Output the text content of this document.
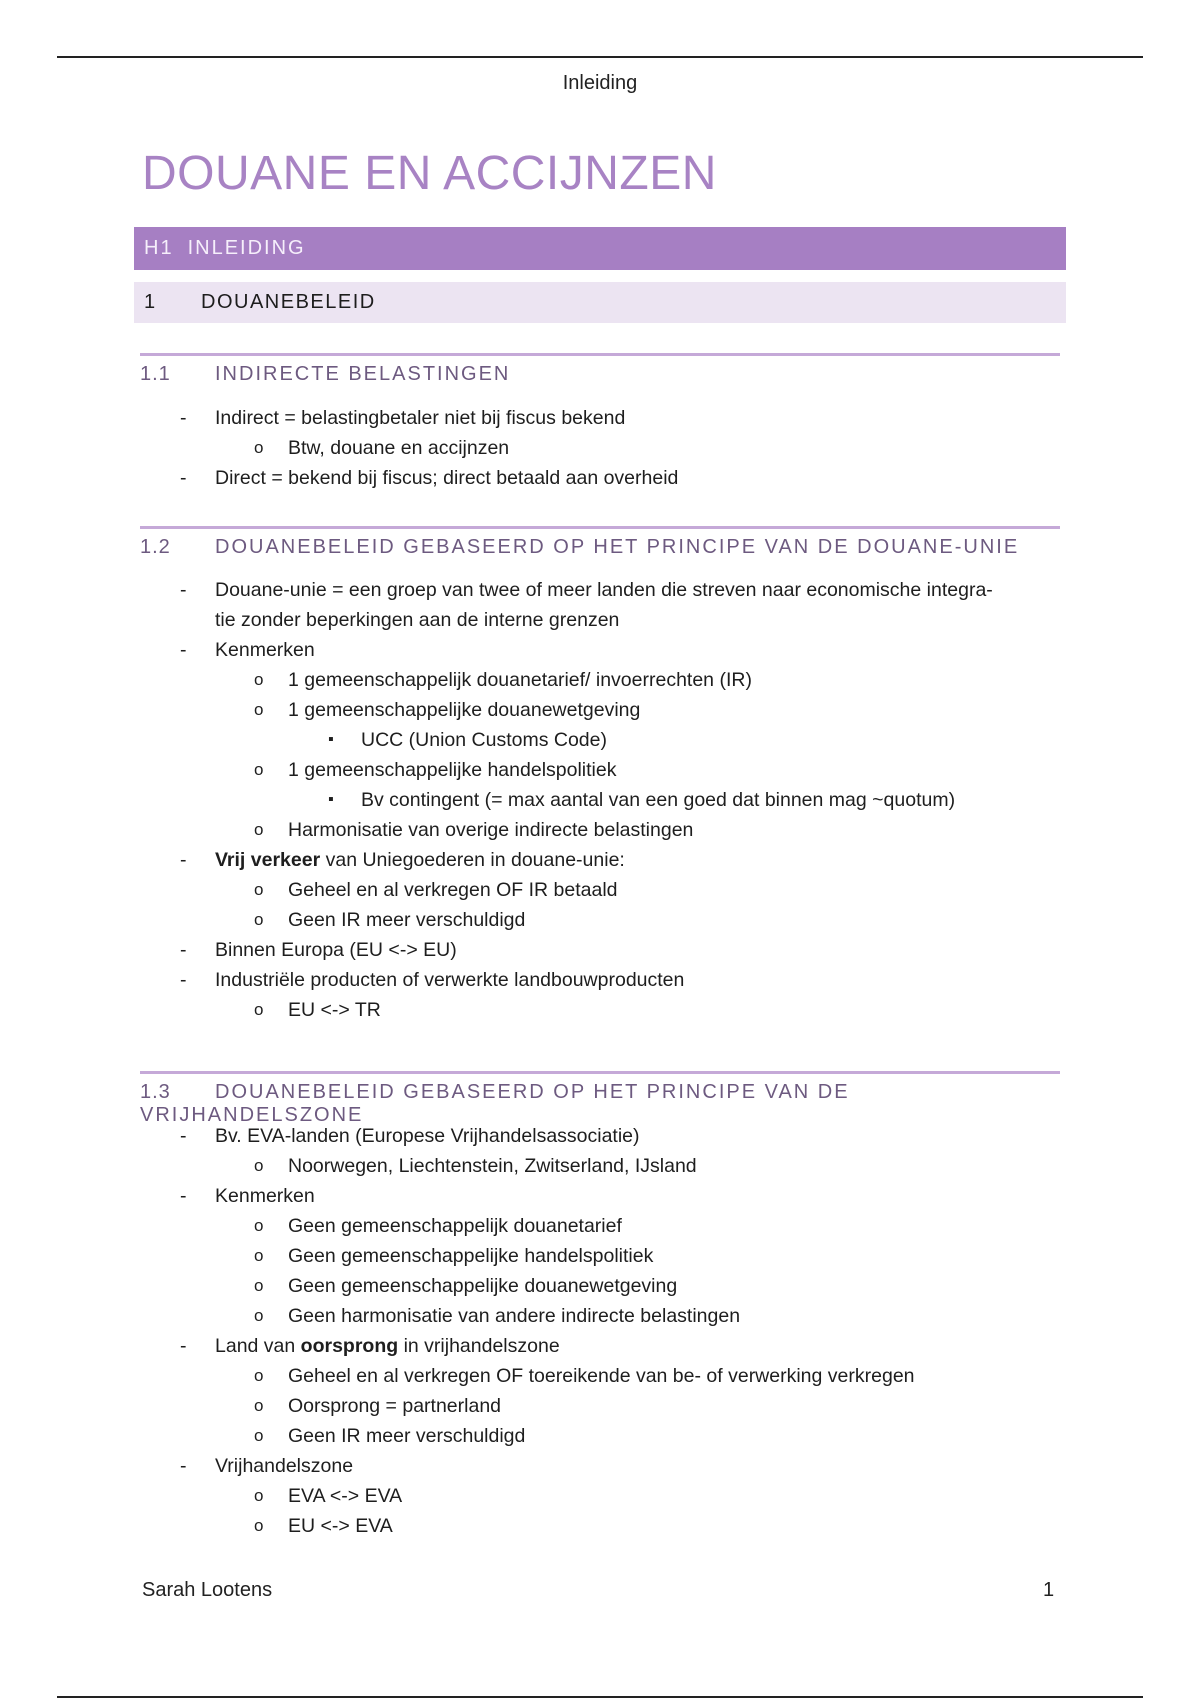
Inleiding
DOUANE EN ACCIJNZEN
H1 INLEIDING
1	DOUANEBELEID
1.1 INDIRECTE BELASTINGEN
- Indirect = belastingbetaler niet bij fiscus bekend
o Btw, douane en accijnzen
- Direct = bekend bij fiscus; direct betaald aan overheid
1.2 DOUANEBELEID GEBASEERD OP HET PRINCIPE VAN DE DOUANE-UNIE
- Douane-unie = een groep van twee of meer landen die streven naar economische integra-
tie zonder beperkingen aan de interne grenzen
- Kenmerken
o 1 gemeenschappelijk douanetarief/ invoerrechten (IR)
o 1 gemeenschappelijke douanewetgeving
▪ UCC (Union Customs Code)
o 1 gemeenschappelijke handelspolitiek
▪ Bv contingent (= max aantal van een goed dat binnen mag ~quotum)
o Harmonisatie van overige indirecte belastingen
- Vrij verkeer van Uniegoederen in douane-unie:
o Geheel en al verkregen OF IR betaald
o Geen IR meer verschuldigd
- Binnen Europa (EU <-> EU)
- Industriële producten of verwerkte landbouwproducten
o EU <-> TR
1.3 DOUANEBELEID GEBASEERD OP HET PRINCIPE VAN DE VRIJHANDELSZONE
- Bv. EVA-landen (Europese Vrijhandelsassociatie)
o Noorwegen, Liechtenstein, Zwitserland, IJsland
- Kenmerken
o Geen gemeenschappelijk douanetarief
o Geen gemeenschappelijke handelspolitiek
o Geen gemeenschappelijke douanewetgeving
o Geen harmonisatie van andere indirecte belastingen
- Land van oorsprong in vrijhandelszone
o Geheel en al verkregen OF toereikende van be- of verwerking verkregen
o Oorsprong = partnerland
o Geen IR meer verschuldigd
- Vrijhandelszone
o EVA <-> EVA
o EU <-> EVA
Sarah Lootens	1
